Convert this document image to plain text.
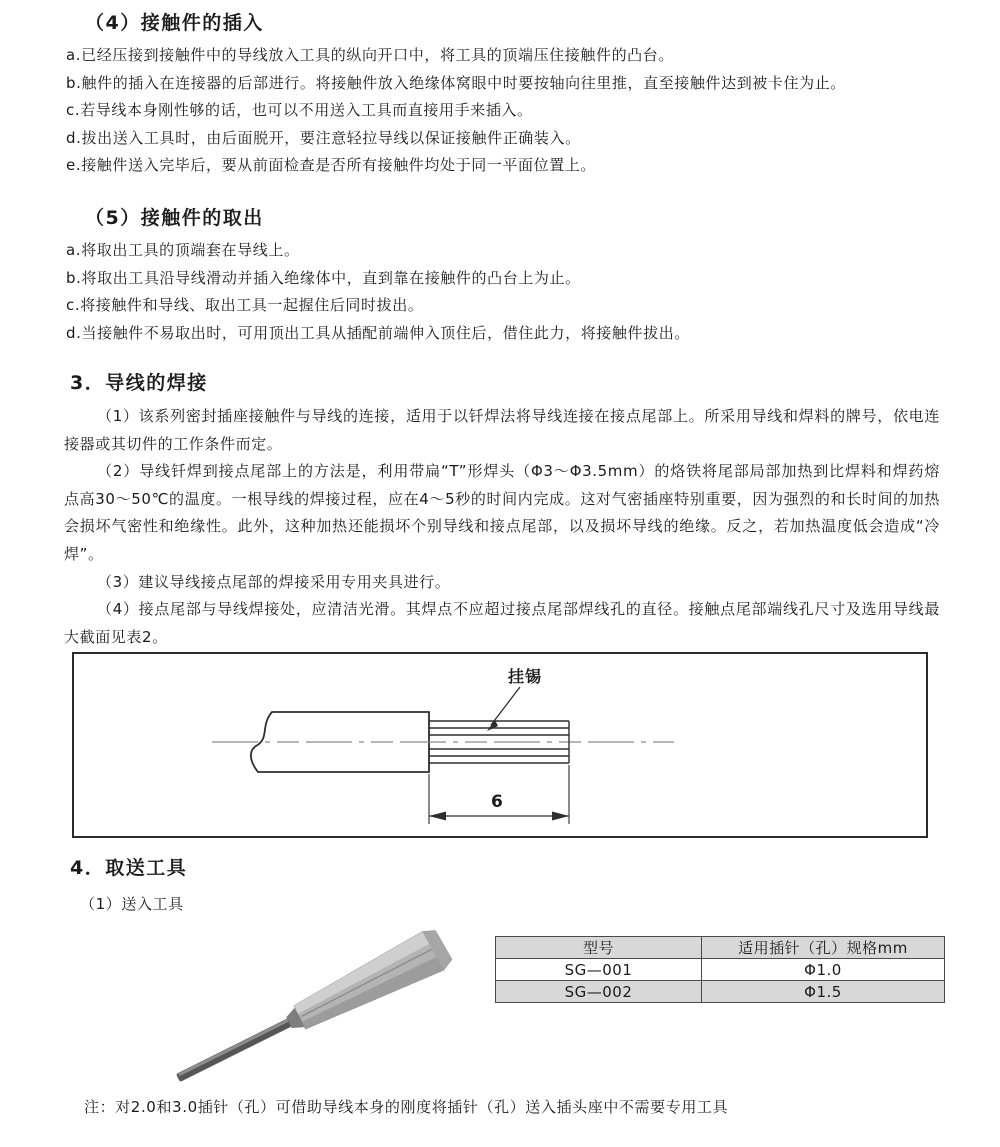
（4）接触件的插入
a.已经压接到接触件中的导线放入工具的纵向开口中，将工具的顶端压住接触件的凸台。
b.触件的插入在连接器的后部进行。将接触件放入绝缘体窝眼中时要按轴向往里推，直至接触件达到被卡住为止。
c.若导线本身刚性够的话，也可以不用送入工具而直接用手来插入。
d.拔出送入工具时，由后面脱开，要注意轻拉导线以保证接触件正确装入。
e.接触件送入完毕后，要从前面检查是否所有接触件均处于同一平面位置上。
（5）接触件的取出
a.将取出工具的顶端套在导线上。
b.将取出工具沿导线滑动并插入绝缘体中，直到靠在接触件的凸台上为止。
c.将接触件和导线、取出工具一起握住后同时拔出。
d.当接触件不易取出时，可用顶出工具从插配前端伸入顶住后，借住此力，将接触件拔出。
3．导线的焊接

（1）该系列密封插座接触件与导线的连接，适用于以钎焊法将导线连接在接点尾部上。所采用导线和焊料的牌号，依电连接器或其切件的工作条件而定。

（2）导线钎焊到接点尾部上的方法是，利用带扁“T”形焊头（Φ3～Φ3.5mm）的烙铁将尾部局部加热到比焊料和焊药熔点高30～50℃的温度。一根导线的焊接过程，应在4～5秒的时间内完成。这对气密插座特别重要，因为强烈的和长时间的加热会损坏气密性和绝缘性。此外，这种加热还能损坏个别导线和接点尾部，以及损坏导线的绝缘。反之，若加热温度低会造成“冷焊”。

（3）建议导线接点尾部的焊接采用专用夹具进行。

（4）接点尾部与导线焊接处，应清洁光滑。其焊点不应超过接点尾部焊线孔的直径。接触点尾部端线孔尺寸及选用导线最大截面见表2。

挂锡
6
4．取送工具
（1）送入工具
型号	适用插针（孔）规格mm
SG—001	Φ1.0
SG—002	Φ1.5
注：对2.0和3.0插针（孔）可借助导线本身的刚度将插针（孔）送入插头座中不需要专用工具
